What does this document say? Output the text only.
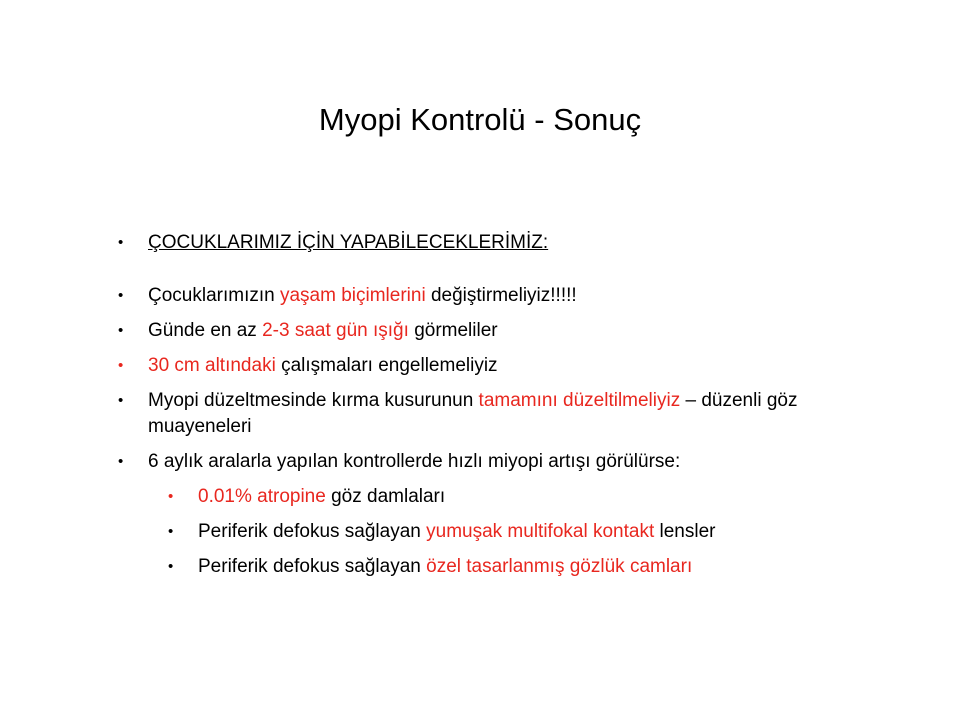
Myopi Kontrolü - Sonuç
•	ÇOCUKLARIMIZ İÇİN YAPABİLECEKLERİMİZ:
•	Çocuklarımızın yaşam biçimlerini değiştirmeliyiz!!!!!
•	Günde en az 2-3 saat gün ışığı görmeliler
•	30 cm altındaki çalışmaları engellemeliyiz
•	Myopi düzeltmesinde kırma kusurunun tamamını düzeltilmeliyiz – düzenli göz muayeneleri
•	6 aylık aralarla yapılan kontrollerde hızlı miyopi artışı görülürse:
•	0.01% atropine göz damlaları
•	Periferik defokus sağlayan yumuşak multifokal kontakt lensler
•	Periferik defokus sağlayan özel tasarlanmış gözlük camları
